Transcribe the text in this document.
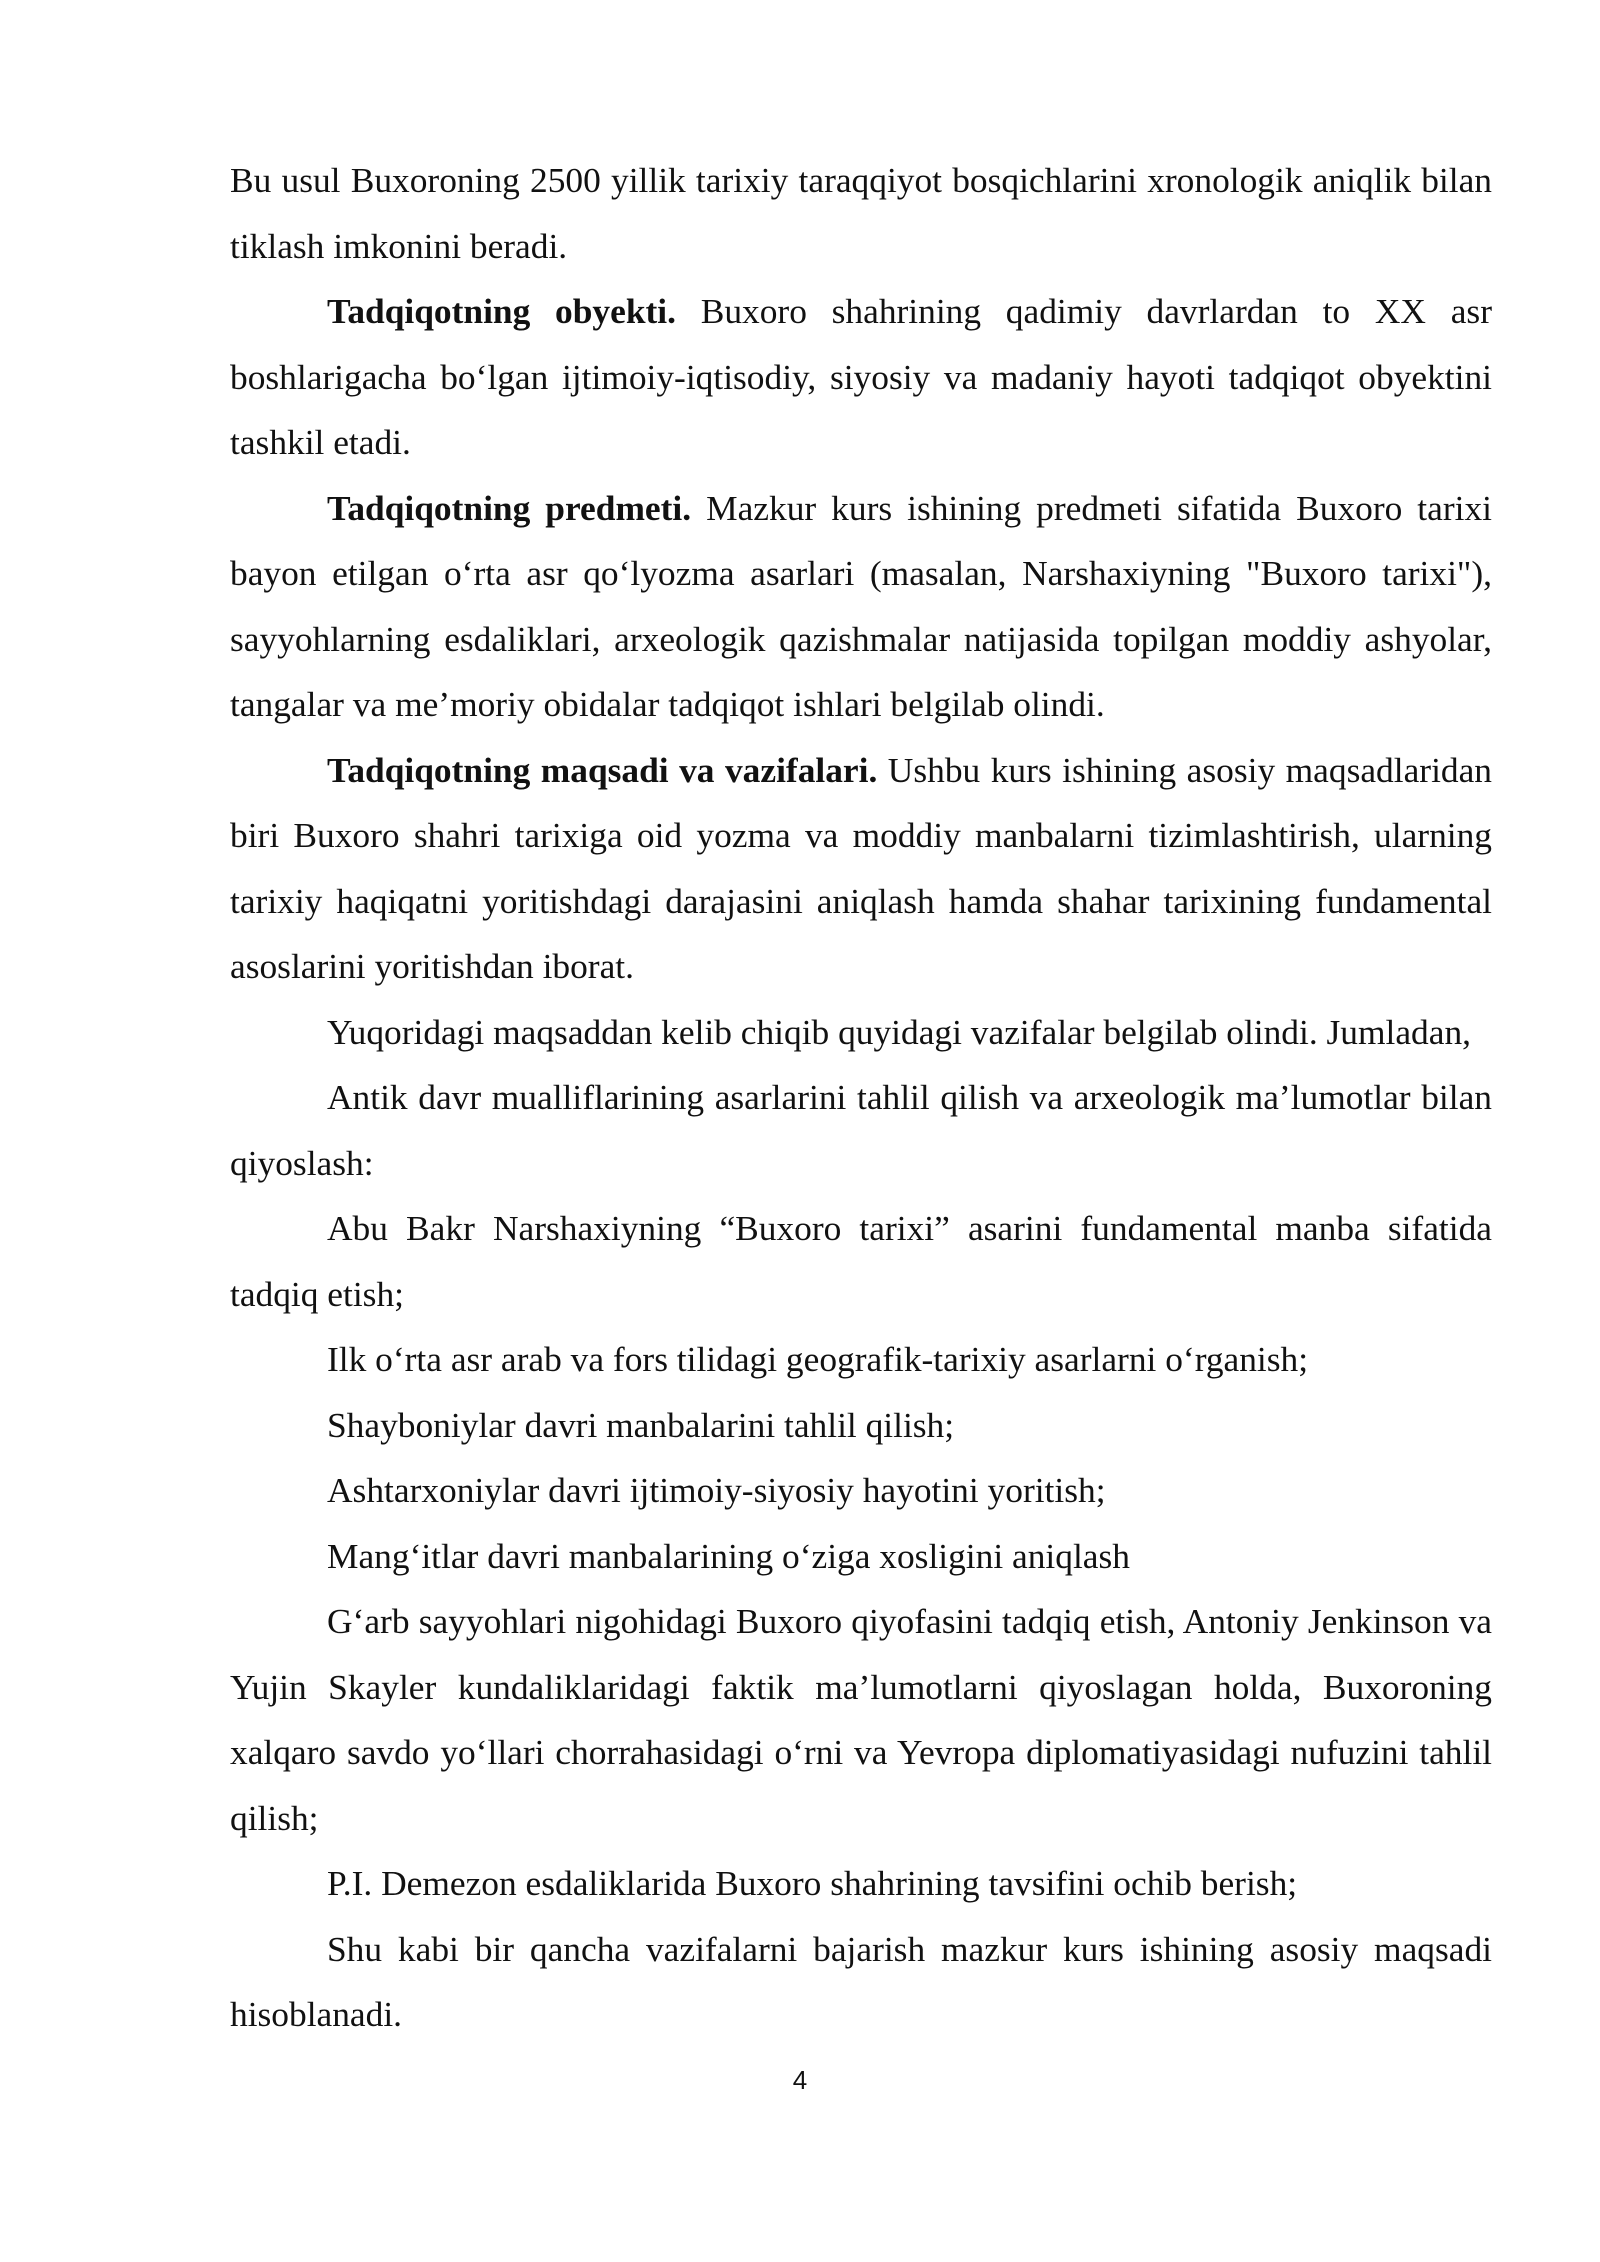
Bu usul Buxoroning 2500 yillik tarixiy taraqqiyot bosqichlarini xronologik aniqlik bilan tiklash imkonini beradi.

Tadqiqotning obyekti. Buxoro shahrining qadimiy davrlardan to XX asr boshlarigacha bo‘lgan ijtimoiy-iqtisodiy, siyosiy va madaniy hayoti tadqiqot obyektini tashkil etadi.

Tadqiqotning predmeti. Mazkur kurs ishining predmeti sifatida Buxoro tarixi bayon etilgan o‘rta asr qo‘lyozma asarlari (masalan, Narshaxiyning "Buxoro tarixi"), sayyohlarning esdaliklari, arxeologik qazishmalar natijasida topilgan moddiy ashyolar, tangalar va me’moriy obidalar tadqiqot ishlari belgilab olindi.

Tadqiqotning maqsadi va vazifalari. Ushbu kurs ishining asosiy maqsadlaridan biri Buxoro shahri tarixiga oid yozma va moddiy manbalarni tizimlashtirish, ularning tarixiy haqiqatni yoritishdagi darajasini aniqlash hamda shahar tarixining fundamental asoslarini yoritishdan iborat.

Yuqoridagi maqsaddan kelib chiqib quyidagi vazifalar belgilab olindi. Jumladan,

Antik davr mualliflarining asarlarini tahlil qilish va arxeologik ma’lumotlar bilan qiyoslash:

Abu Bakr Narshaxiyning “Buxoro tarixi” asarini fundamental manba sifatida tadqiq etish;

Ilk o‘rta asr arab va fors tilidagi geografik-tarixiy asarlarni o‘rganish;

Shayboniylar davri manbalarini tahlil qilish;

Ashtarxoniylar davri ijtimoiy-siyosiy hayotini yoritish;

Mang‘itlar davri manbalarining o‘ziga xosligini aniqlash

G‘arb sayyohlari nigohidagi Buxoro qiyofasini tadqiq etish, Antoniy Jenkinson va Yujin Skayler kundaliklaridagi faktik ma’lumotlarni qiyoslagan holda, Buxoroning xalqaro savdo yo‘llari chorrahasidagi o‘rni va Yevropa diplomatiyasidagi nufuzini tahlil qilish;

P.I. Demezon esdaliklarida Buxoro shahrining tavsifini ochib berish;

Shu kabi bir qancha vazifalarni bajarish mazkur kurs ishining asosiy maqsadi hisoblanadi.

4
